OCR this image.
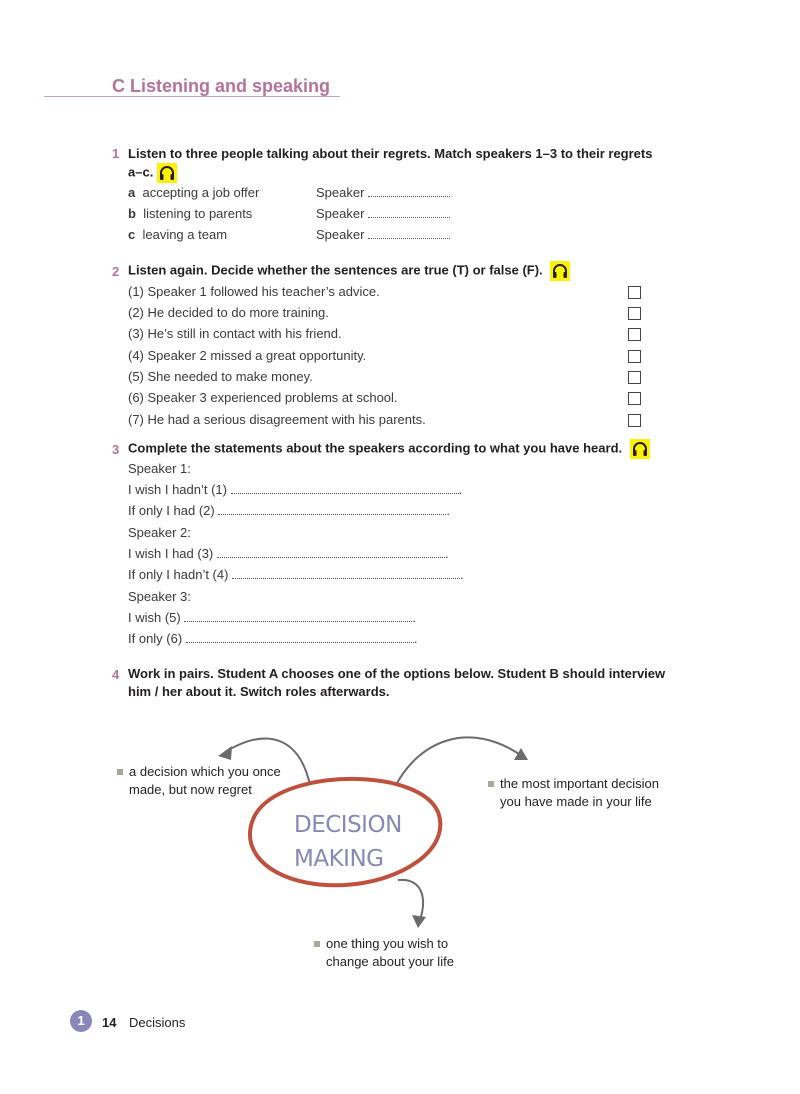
C Listening and speaking
1 Listen to three people talking about their regrets. Match speakers 1–3 to their regrets
a–c.
a accepting a job offer	Speaker
b listening to parents	Speaker
c leaving a team	Speaker
2 Listen again. Decide whether the sentences are true (T) or false (F).
(1) Speaker 1 followed his teacher’s advice.
(2) He decided to do more training.
(3) He’s still in contact with his friend.
(4) Speaker 2 missed a great opportunity.
(5) She needed to make money.
(6) Speaker 3 experienced problems at school.
(7) He had a serious disagreement with his parents.
3 Complete the statements about the speakers according to what you have heard.
Speaker 1:
I wish I hadn’t (1)	.
If only I had (2)	.
Speaker 2:
I wish I had (3)	.
If only I hadn’t (4)	.
Speaker 3:
I wish (5)	.
If only (6)	.
4 Work in pairs. Student A chooses one of the options below. Student B should interview
him / her about it. Switch roles afterwards.
DECISION
MAKING
a decision which you once
made, but now regret	the most important decision
you have made in your life
one thing you wish to
change about your life
1	14 Decisions
